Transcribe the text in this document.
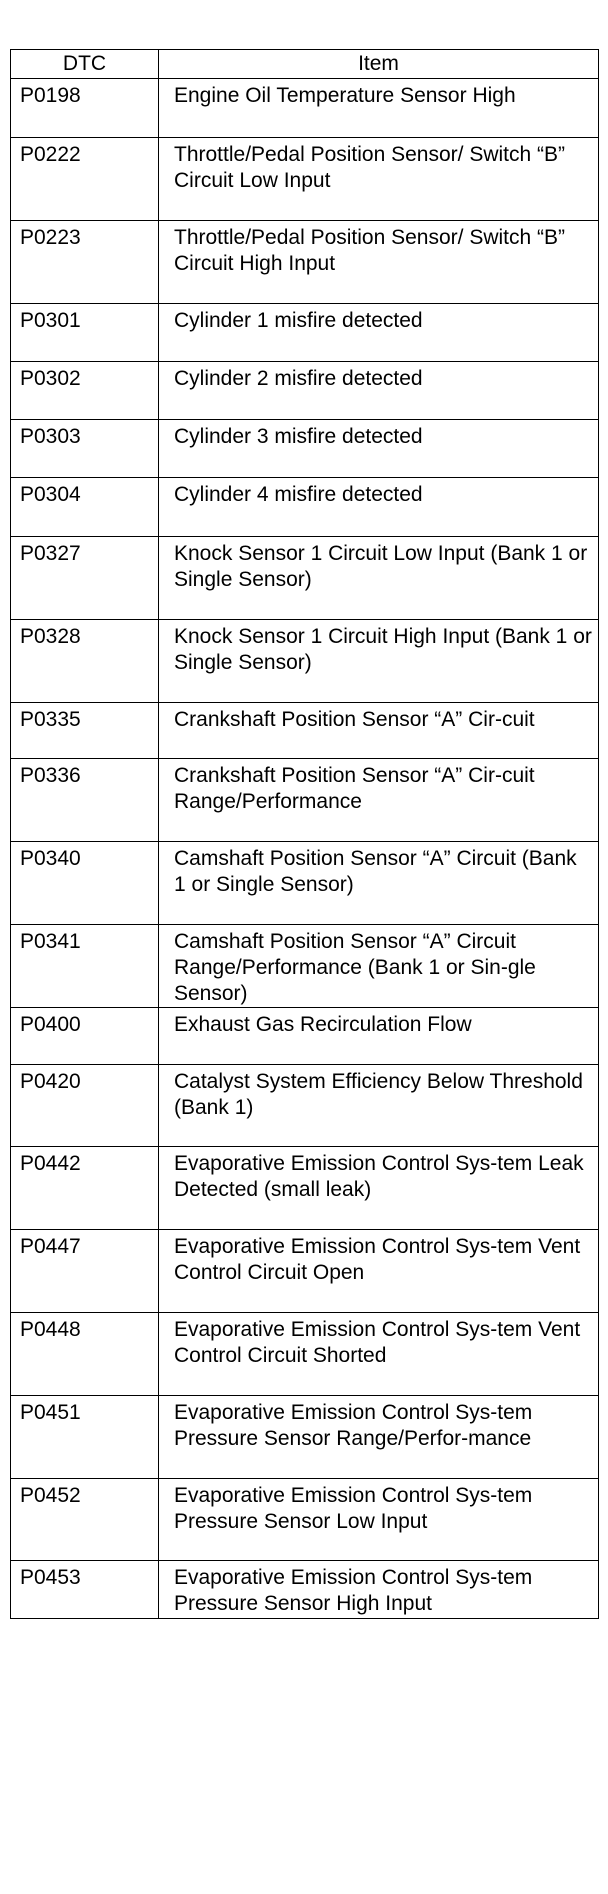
DTC	Item
P0198	Engine Oil Temperature Sensor High
P0222	Throttle/Pedal Position Sensor/ Switch “B” Circuit Low Input
P0223	Throttle/Pedal Position Sensor/ Switch “B” Circuit High Input
P0301	Cylinder 1 misfire detected
P0302	Cylinder 2 misfire detected
P0303	Cylinder 3 misfire detected
P0304	Cylinder 4 misfire detected
P0327	Knock Sensor 1 Circuit Low Input (Bank 1 or Single Sensor)
P0328	Knock Sensor 1 Circuit High Input (Bank 1 or Single Sensor)
P0335	Crankshaft Position Sensor “A” Cir-cuit
P0336	Crankshaft Position Sensor “A” Cir-cuit Range/Performance
P0340	Camshaft Position Sensor “A” Circuit (Bank 1 or Single Sensor)
P0341	Camshaft Position Sensor “A” Circuit Range/Performance (Bank 1 or Sin-gle Sensor)
P0400	Exhaust Gas Recirculation Flow
P0420	Catalyst System Efficiency Below Threshold (Bank 1)
P0442	Evaporative Emission Control Sys-tem Leak Detected (small leak)
P0447	Evaporative Emission Control Sys-tem Vent Control Circuit Open
P0448	Evaporative Emission Control Sys-tem Vent Control Circuit Shorted
P0451	Evaporative Emission Control Sys-tem Pressure Sensor Range/Perfor-mance
P0452	Evaporative Emission Control Sys-tem Pressure Sensor Low Input
P0453	Evaporative Emission Control Sys-tem Pressure Sensor High Input
